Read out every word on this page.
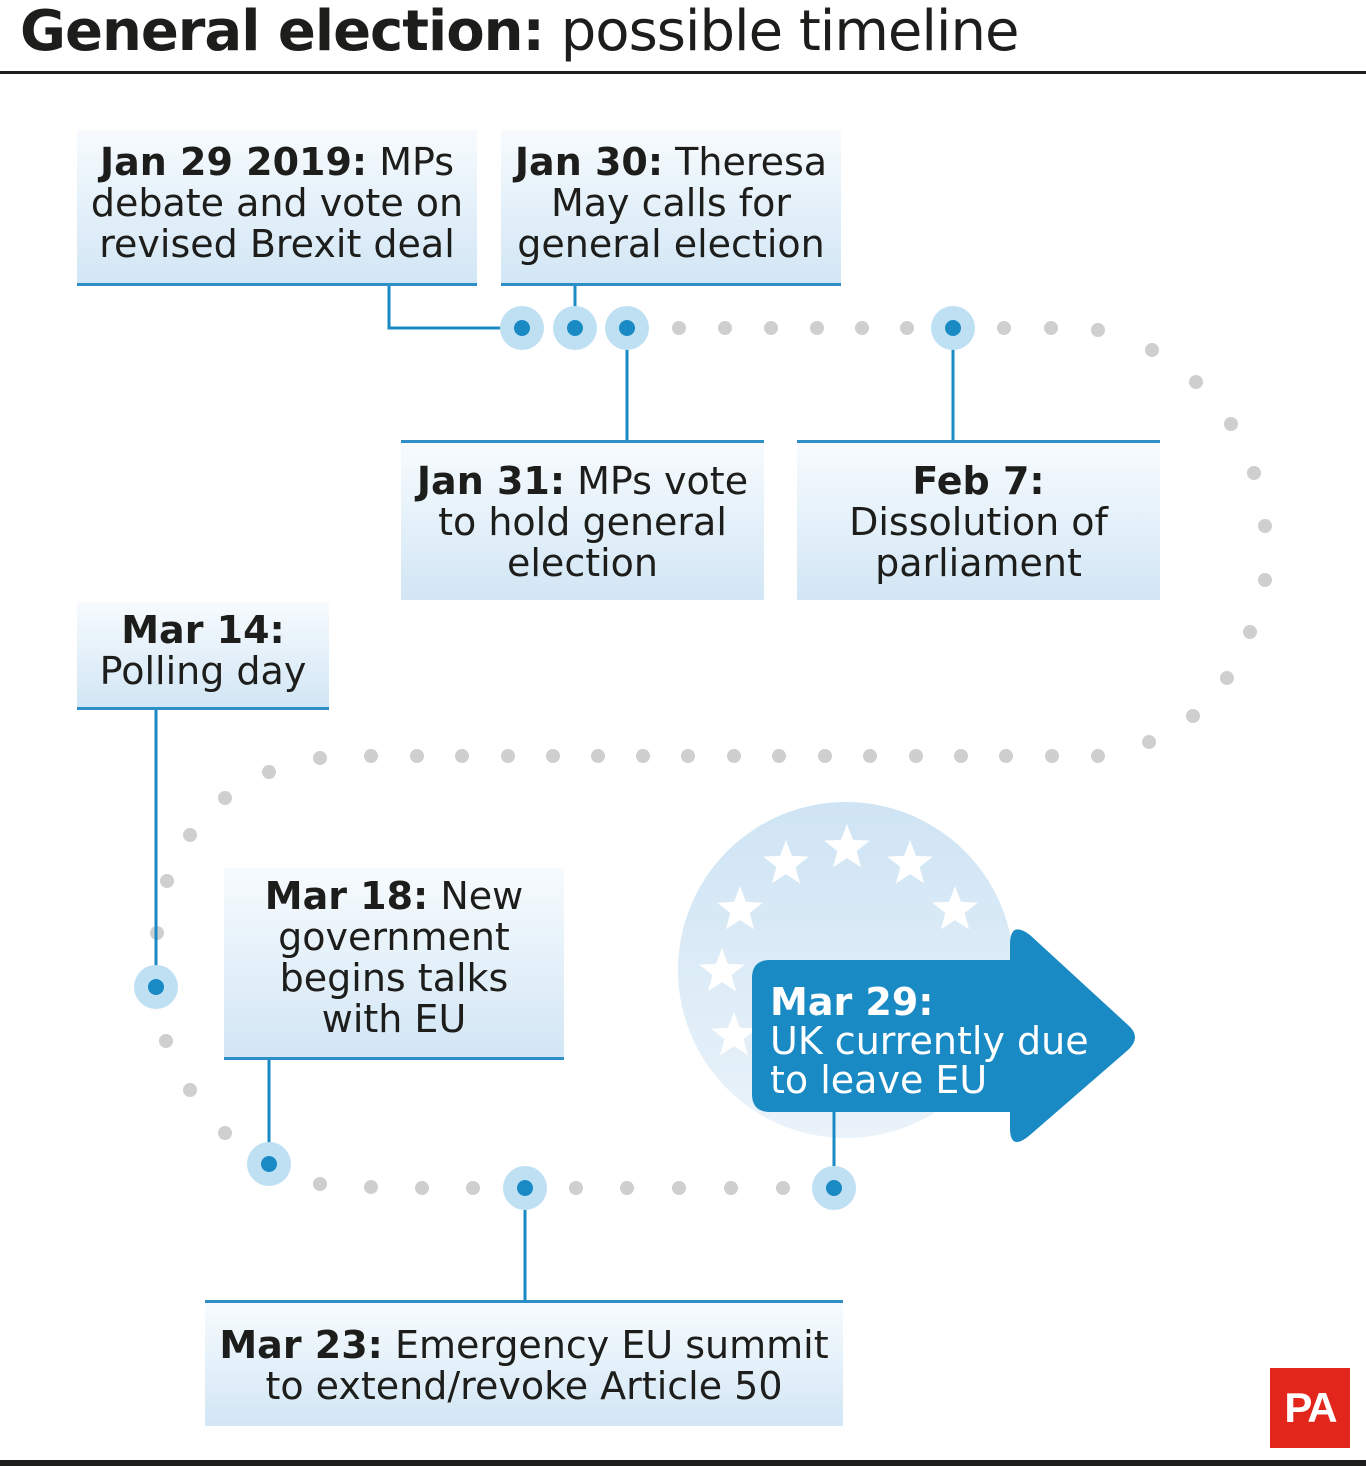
General election: possible timeline
Jan 29 2019: MPs debate and vote on revised Brexit deal
Jan 30: Theresa May calls for general election
Jan 31: MPs vote to hold general election
Feb 7:
Dissolution of parliament
Mar 14:
Polling day
Mar 18: New government begins talks with EU
Mar 23: Emergency EU summit to extend/revoke Article 50
Mar 29:
UK currently due to leave EU
PA
